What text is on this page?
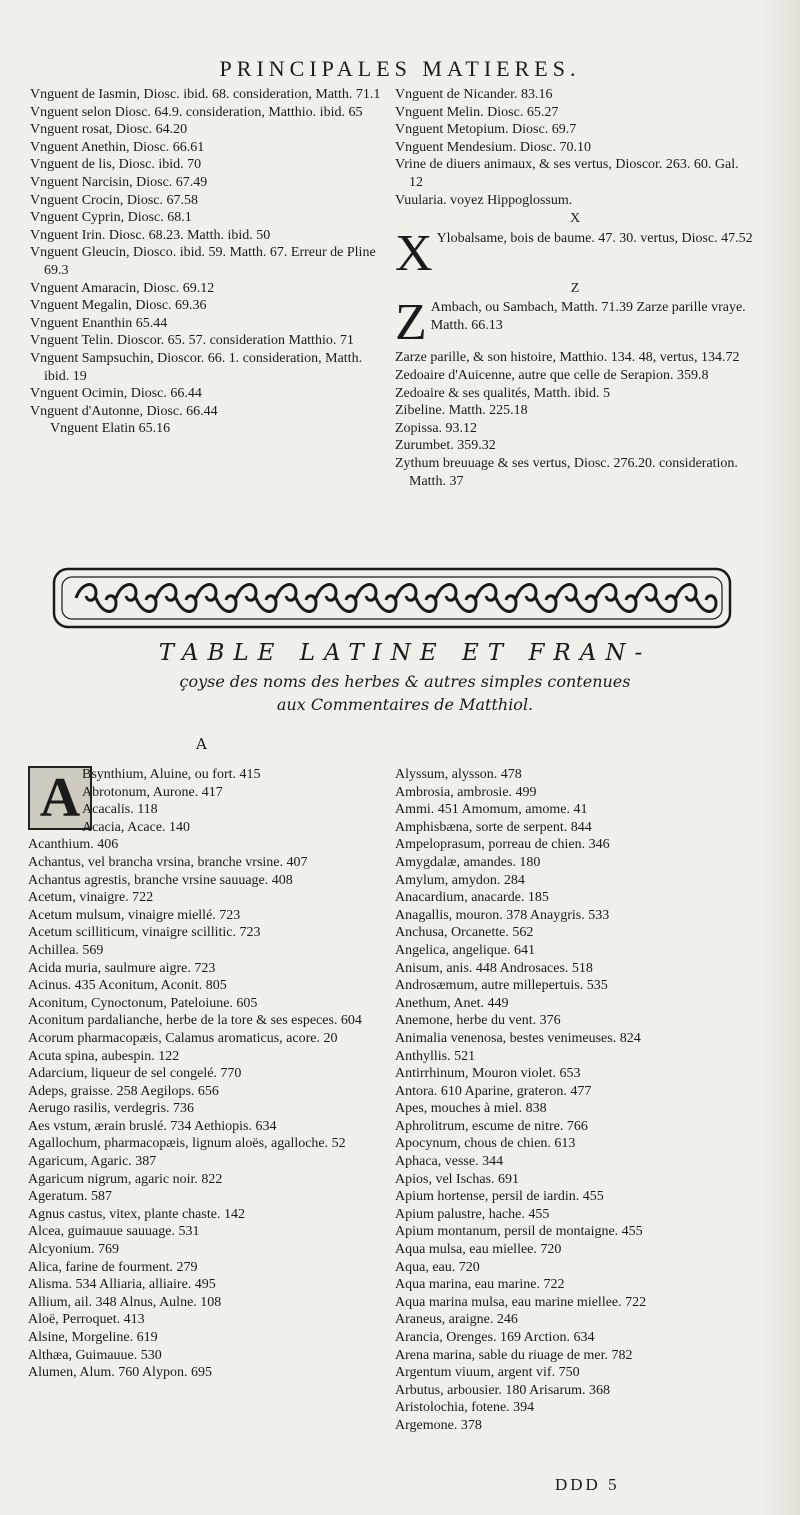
PRINCIPALES MATIERES.

Vnguent de Iasmin, Diosc. ibid. 68. consideration, Matth. 71.1

Vnguent selon Diosc. 64.9. consideration, Matthio. ibid. 65

Vnguent rosat, Diosc. 64.20

Vnguent Anethin, Diosc. 66.61

Vnguent de lis, Diosc. ibid. 70

Vnguent Narcisin, Diosc. 67.49

Vnguent Crocin, Diosc. 67.58

Vnguent Cyprin, Diosc. 68.1

Vnguent Irin. Diosc. 68.23. Matth. ibid. 50

Vnguent Gleucin, Diosco. ibid. 59. Matth. 67. Erreur de Pline 69.3

Vnguent Amaracin, Diosc. 69.12

Vnguent Megalin, Diosc. 69.36

Vnguent Enanthin 65.44

Vnguent Telin. Dioscor. 65. 57. consideration Matthio. 71

Vnguent Sampsuchin, Dioscor. 66. 1. consideration, Matth. ibid. 19

Vnguent Ocimin, Diosc. 66.44

Vnguent d'Autonne, Diosc. 66.44

Vnguent Elatin 65.16

Vnguent de Nicander. 83.16

Vnguent Melin. Diosc. 65.27

Vnguent Metopium. Diosc. 69.7

Vnguent Mendesium. Diosc. 70.10

Vrine de diuers animaux, & ses vertus, Dioscor. 263. 60. Gal. 12

Vuularia. voyez Hippoglossum.

X

X Ylobalsame, bois de baume. 47. 30. vertus, Diosc. 47.52

Z

Z Ambach, ou Sambach, Matth. 71.39 Zarze parille vraye. Matth. 66.13

Zarze parille, & son histoire, Matthio. 134. 48, vertus, 134.72

Zedoaire d'Auicenne, autre que celle de Serapion. 359.8

Zedoaire & ses qualités, Matth. ibid. 5

Zibeline. Matth. 225.18

Zopissa. 93.12

Zurumbet. 359.32

Zythum breuuage & ses vertus, Diosc. 276.20. consideration. Matth. 37

TABLE LATINE ET FRAN-

çoyse des noms des herbes & autres simples contenues

aux Commentaires de Matthiol.

A
A Bsynthium, Aluine, ou fort. 415

Abrotonum, Aurone. 417

Acacalis. 118

Acacia, Acace. 140

Acanthium. 406

Achantus, vel brancha vrsina, branche vrsine. 407

Achantus agrestis, branche vrsine sauuage. 408

Acetum, vinaigre. 722

Acetum mulsum, vinaigre miellé. 723

Acetum scilliticum, vinaigre scillitic. 723

Achillea. 569

Acida muria, saulmure aigre. 723

Acinus. 435 Aconitum, Aconit. 805

Aconitum, Cynoctonum, Pateloiune. 605

Aconitum pardalianche, herbe de la tore & ses especes. 604

Acorum pharmacopæis, Calamus aromaticus, acore. 20

Acuta spina, aubespin. 122

Adarcium, liqueur de sel congelé. 770

Adeps, graisse. 258 Aegilops. 656

Aerugo rasilis, verdegris. 736

Aes vstum, ærain bruslé. 734 Aethiopis. 634

Agallochum, pharmacopæis, lignum aloës, agalloche. 52

Agaricum, Agaric. 387

Agaricum nigrum, agaric noir. 822

Ageratum. 587

Agnus castus, vitex, plante chaste. 142

Alcea, guimauue sauuage. 531

Alcyonium. 769

Alica, farine de fourment. 279

Alisma. 534 Alliaria, alliaire. 495

Allium, ail. 348 Alnus, Aulne. 108

Aloë, Perroquet. 413

Alsine, Morgeline. 619

Althæa, Guimauue. 530

Alumen, Alum. 760 Alypon. 695

Alyssum, alysson. 478

Ambrosia, ambrosie. 499

Ammi. 451 Amomum, amome. 41

Amphisbæna, sorte de serpent. 844

Ampeloprasum, porreau de chien. 346

Amygdalæ, amandes. 180

Amylum, amydon. 284

Anacardium, anacarde. 185

Anagallis, mouron. 378 Anaygris. 533

Anchusa, Orcanette. 562

Angelica, angelique. 641

Anisum, anis. 448 Androsaces. 518

Androsæmum, autre millepertuis. 535

Anethum, Anet. 449

Anemone, herbe du vent. 376

Animalia venenosa, bestes venimeuses. 824

Anthyllis. 521

Antirrhinum, Mouron violet. 653

Antora. 610 Aparine, grateron. 477

Apes, mouches à miel. 838

Aphrolitrum, escume de nitre. 766

Apocynum, chous de chien. 613

Aphaca, vesse. 344

Apios, vel Ischas. 691

Apium hortense, persil de iardin. 455

Apium palustre, hache. 455

Apium montanum, persil de montaigne. 455

Aqua mulsa, eau miellee. 720

Aqua, eau. 720

Aqua marina, eau marine. 722

Aqua marina mulsa, eau marine miellee. 722

Araneus, araigne. 246

Arancia, Orenges. 169 Arction. 634

Arena marina, sable du riuage de mer. 782

Argentum viuum, argent vif. 750

Arbutus, arbousier. 180 Arisarum. 368

Aristolochia, fotene. 394

Argemone. 378

DDD 5
